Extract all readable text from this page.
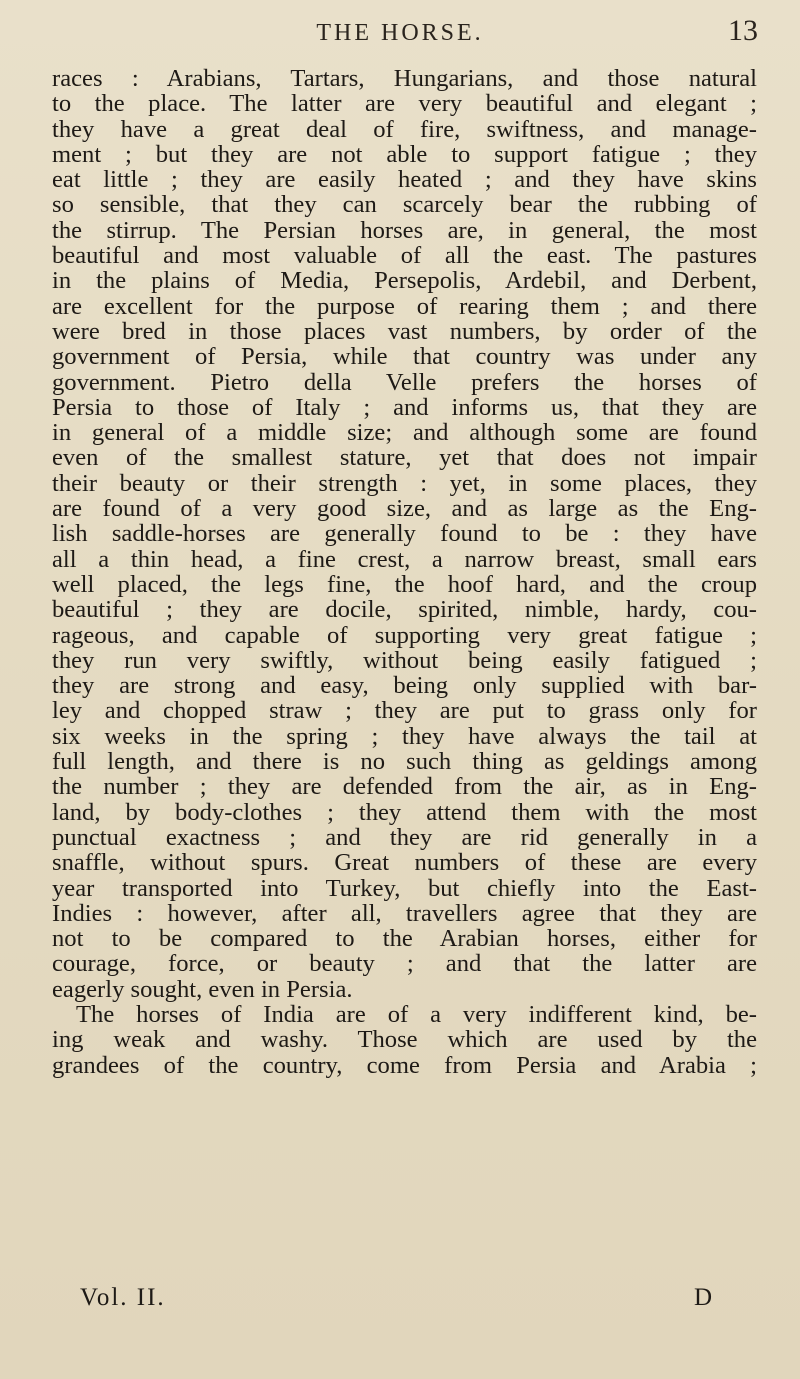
THE HORSE.	13
races : Arabians, Tartars, Hungarians, and those natural
to the place. The latter are very beautiful and elegant ;
they have a great deal of fire, swiftness, and manage-
ment ; but they are not able to support fatigue ; they
eat little ; they are easily heated ; and they have skins
so sensible, that they can scarcely bear the rubbing of
the stirrup. The Persian horses are, in general, the most
beautiful and most valuable of all the east. The pastures
in the plains of Media, Persepolis, Ardebil, and Derbent,
are excellent for the purpose of rearing them ; and there
were bred in those places vast numbers, by order of the
government of Persia, while that country was under any
government. Pietro della Velle prefers the horses of
Persia to those of Italy ; and informs us, that they are
in general of a middle size; and although some are found
even of the smallest stature, yet that does not impair
their beauty or their strength : yet, in some places, they
are found of a very good size, and as large as the Eng-
lish saddle-horses are generally found to be : they have
all a thin head, a fine crest, a narrow breast, small ears
well placed, the legs fine, the hoof hard, and the croup
beautiful ; they are docile, spirited, nimble, hardy, cou-
rageous, and capable of supporting very great fatigue ;
they run very swiftly, without being easily fatigued ;
they are strong and easy, being only supplied with bar-
ley and chopped straw ; they are put to grass only for
six weeks in the spring ; they have always the tail at
full length, and there is no such thing as geldings among
the number ; they are defended from the air, as in Eng-
land, by body-clothes ; they attend them with the most
punctual exactness ; and they are rid generally in a
snaffle, without spurs. Great numbers of these are every
year transported into Turkey, but chiefly into the East-
Indies : however, after all, travellers agree that they are
not to be compared to the Arabian horses, either for
courage, force, or beauty ; and that the latter are
eagerly sought, even in Persia.
The horses of India are of a very indifferent kind, be-
ing weak and washy. Those which are used by the
grandees of the country, come from Persia and Arabia ;
Vol. II.	D
